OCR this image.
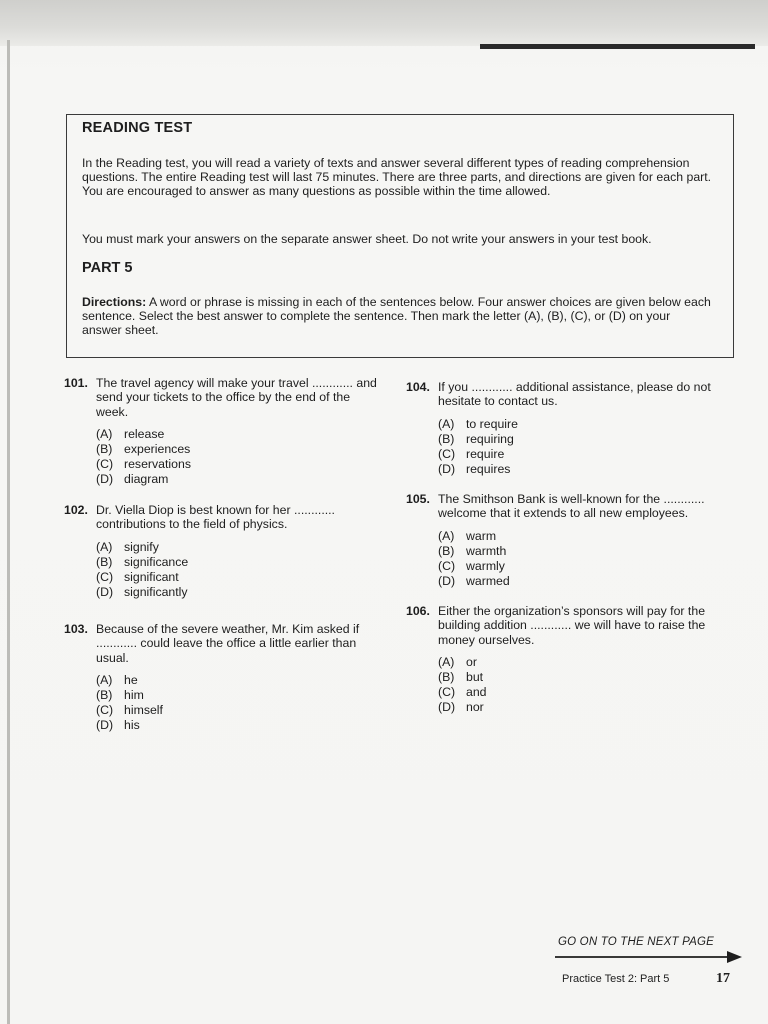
READING TEST

In the Reading test, you will read a variety of texts and answer several different types of reading comprehension questions. The entire Reading test will last 75 minutes. There are three parts, and directions are given for each part. You are encouraged to answer as many questions as possible within the time allowed.

You must mark your answers on the separate answer sheet. Do not write your answers in your test book.

PART 5

Directions: A word or phrase is missing in each of the sentences below. Four answer choices are given below each sentence. Select the best answer to complete the sentence. Then mark the letter (A), (B), (C), or (D) on your answer sheet.

101. The travel agency will make your travel ............ and send your tickets to the office by the end of the week.
(A) release
(B) experiences
(C) reservations
(D) diagram
102. Dr. Viella Diop is best known for her ............ contributions to the field of physics.
(A) signify
(B) significance
(C) significant
(D) significantly
103. Because of the severe weather, Mr. Kim asked if ............ could leave the office a little earlier than usual.
(A) he
(B) him
(C) himself
(D) his
104. If you ............ additional assistance, please do not hesitate to contact us.
(A) to require
(B) requiring
(C) require
(D) requires
105. The Smithson Bank is well-known for the ............ welcome that it extends to all new employees.
(A) warm
(B) warmth
(C) warmly
(D) warmed
106. Either the organization’s sponsors will pay for the building addition ............ we will have to raise the money ourselves.
(A) or
(B) but
(C) and
(D) nor
GO ON TO THE NEXT PAGE
Practice Test 2: Part 5	17
